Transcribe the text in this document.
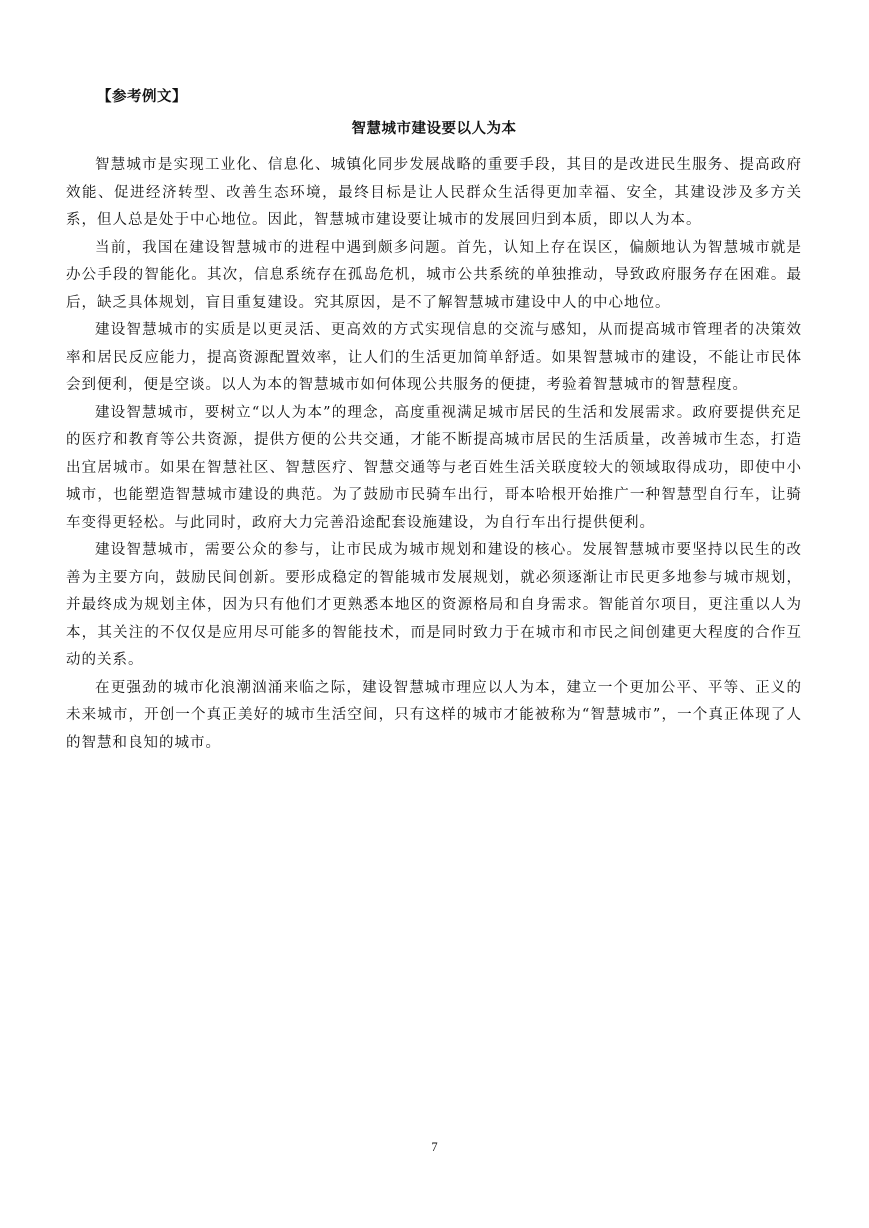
【参考例文】
智慧城市建设要以人为本

智慧城市是实现工业化、信息化、城镇化同步发展战略的重要手段，其目的是改进民生服务、提高政府效能、促进经济转型、改善生态环境，最终目标是让人民群众生活得更加幸福、安全，其建设涉及多方关系，但人总是处于中心地位。因此，智慧城市建设要让城市的发展回归到本质，即以人为本。

当前，我国在建设智慧城市的进程中遇到颇多问题。首先，认知上存在误区，偏颇地认为智慧城市就是办公手段的智能化。其次，信息系统存在孤岛危机，城市公共系统的单独推动，导致政府服务存在困难。最后，缺乏具体规划，盲目重复建设。究其原因，是不了解智慧城市建设中人的中心地位。

建设智慧城市的实质是以更灵活、更高效的方式实现信息的交流与感知，从而提高城市管理者的决策效率和居民反应能力，提高资源配置效率，让人们的生活更加简单舒适。如果智慧城市的建设，不能让市民体会到便利，便是空谈。以人为本的智慧城市如何体现公共服务的便捷，考验着智慧城市的智慧程度。

建设智慧城市，要树立“以人为本”的理念，高度重视满足城市居民的生活和发展需求。政府要提供充足的医疗和教育等公共资源，提供方便的公共交通，才能不断提高城市居民的生活质量，改善城市生态，打造出宜居城市。如果在智慧社区、智慧医疗、智慧交通等与老百姓生活关联度较大的领域取得成功，即使中小城市，也能塑造智慧城市建设的典范。为了鼓励市民骑车出行，哥本哈根开始推广一种智慧型自行车，让骑车变得更轻松。与此同时，政府大力完善沿途配套设施建设，为自行车出行提供便利。

建设智慧城市，需要公众的参与，让市民成为城市规划和建设的核心。发展智慧城市要坚持以民生的改善为主要方向，鼓励民间创新。要形成稳定的智能城市发展规划，就必须逐渐让市民更多地参与城市规划，并最终成为规划主体，因为只有他们才更熟悉本地区的资源格局和自身需求。智能首尔项目，更注重以人为本，其关注的不仅仅是应用尽可能多的智能技术，而是同时致力于在城市和市民之间创建更大程度的合作互动的关系。

在更强劲的城市化浪潮汹涌来临之际，建设智慧城市理应以人为本，建立一个更加公平、平等、正义的未来城市，开创一个真正美好的城市生活空间，只有这样的城市才能被称为“智慧城市”，一个真正体现了人的智慧和良知的城市。

7
